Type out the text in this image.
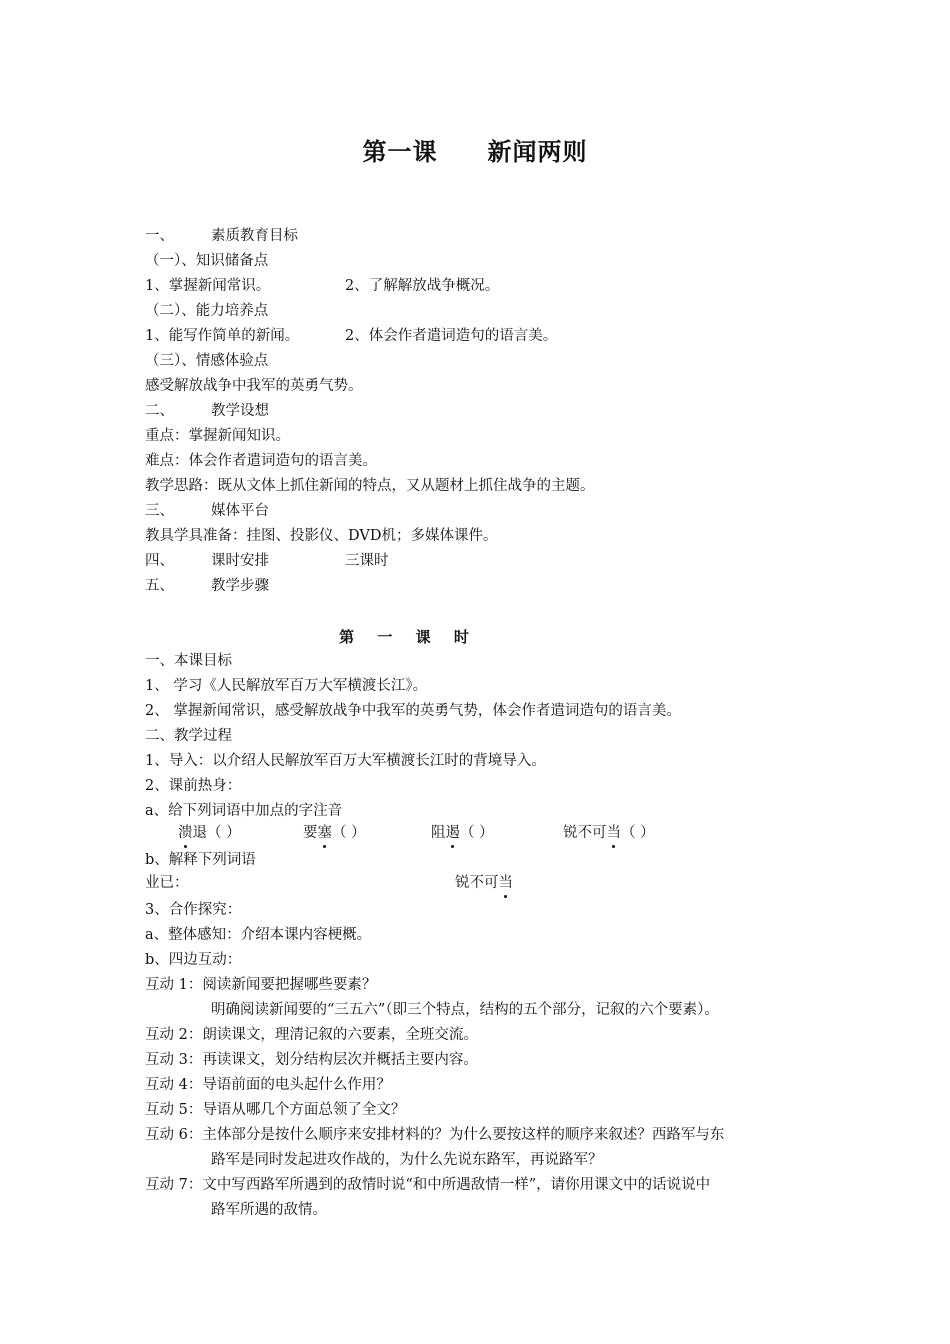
第一课 新闻两则
一、	素质教育目标
（一）、知识储备点
1、掌握新闻常识。	2、了解解放战争概况。
（二）、能力培养点
1、能写作简单的新闻。	2、体会作者遣词造句的语言美。
（三）、情感体验点
感受解放战争中我军的英勇气势。
二、	教学设想
重点：掌握新闻知识。
难点：体会作者遣词造句的语言美。
教学思路：既从文体上抓住新闻的特点，又从题材上抓住战争的主题。
三、	媒体平台
教具学具准备：挂图、投影仪、DVD机；多媒体课件。
四、	课时安排	三课时
五、	教学步骤
第 一 课 时
一、本课目标
1、 学习《人民解放军百万大军横渡长江》。
2、 掌握新闻常识，感受解放战争中我军的英勇气势，体会作者遣词造句的语言美。
二、教学过程
1、导入：以介绍人民解放军百万大军横渡长江时的背境导入。
2、课前热身：
a、给下列词语中加点的字注音
溃退（ ）	要塞（ ）	阻遏（ ）	锐不可当（ ）
b、解释下列词语
业已：	锐不可当
3、合作探究：
a、整体感知：介绍本课内容梗概。
b、四边互动：
互动 1：阅读新闻要把握哪些要素？
明确阅读新闻要的“三五六”（即三个特点，结构的五个部分，记叙的六个要素）。
互动 2：朗读课文，理清记叙的六要素，全班交流。
互动 3：再读课文，划分结构层次并概括主要内容。
互动 4：导语前面的电头起什么作用？
互动 5：导语从哪几个方面总领了全文？
互动 6：主体部分是按什么顺序来安排材料的？为什么要按这样的顺序来叙述？西路军与东
路军是同时发起进攻作战的，为什么先说东路军，再说路军？
互动 7：文中写西路军所遇到的敌情时说“和中所遇敌情一样”，请你用课文中的话说说中
路军所遇的敌情。
